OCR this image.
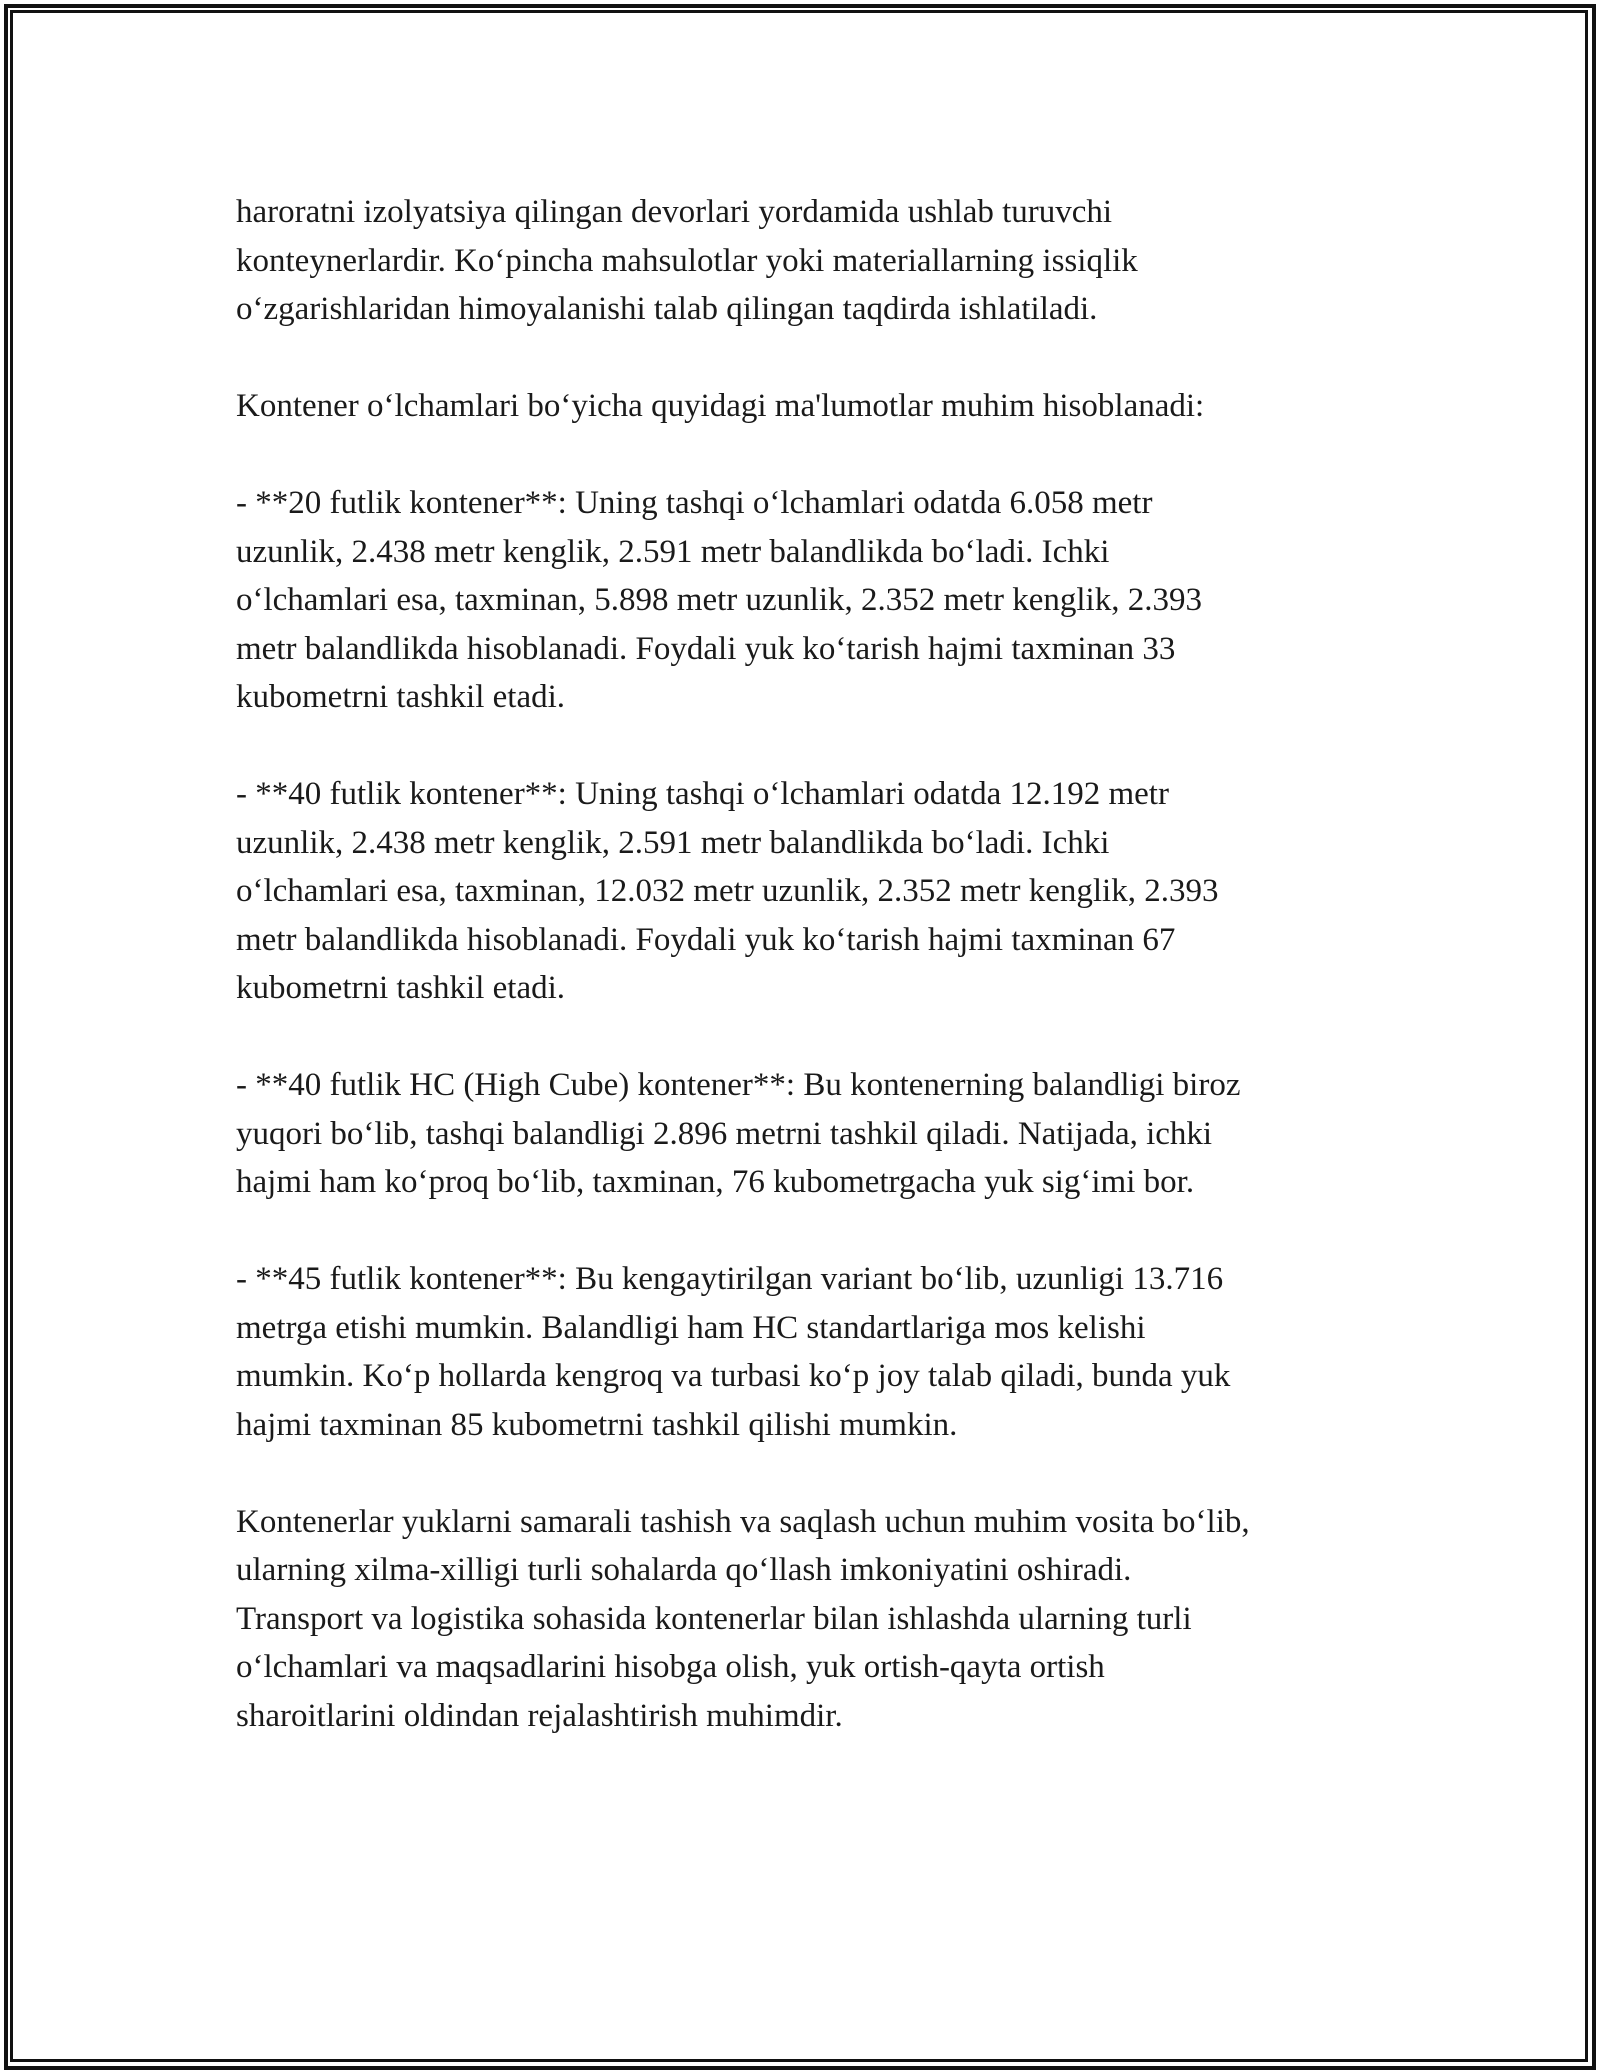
haroratni izolyatsiya qilingan devorlari yordamida ushlab turuvchi
konteynerlardir. Ko‘pincha mahsulotlar yoki materiallarning issiqlik
o‘zgarishlaridan himoyalanishi talab qilingan taqdirda ishlatiladi.

Kontener o‘lchamlari bo‘yicha quyidagi ma'lumotlar muhim hisoblanadi:

- **20 futlik kontener**: Uning tashqi o‘lchamlari odatda 6.058 metr
uzunlik, 2.438 metr kenglik, 2.591 metr balandlikda bo‘ladi. Ichki
o‘lchamlari esa, taxminan, 5.898 metr uzunlik, 2.352 metr kenglik, 2.393
metr balandlikda hisoblanadi. Foydali yuk ko‘tarish hajmi taxminan 33
kubometrni tashkil etadi.

- **40 futlik kontener**: Uning tashqi o‘lchamlari odatda 12.192 metr
uzunlik, 2.438 metr kenglik, 2.591 metr balandlikda bo‘ladi. Ichki
o‘lchamlari esa, taxminan, 12.032 metr uzunlik, 2.352 metr kenglik, 2.393
metr balandlikda hisoblanadi. Foydali yuk ko‘tarish hajmi taxminan 67
kubometrni tashkil etadi.

- **40 futlik HC (High Cube) kontener**: Bu kontenerning balandligi biroz
yuqori bo‘lib, tashqi balandligi 2.896 metrni tashkil qiladi. Natijada, ichki
hajmi ham ko‘proq bo‘lib, taxminan, 76 kubometrgacha yuk sig‘imi bor.

- **45 futlik kontener**: Bu kengaytirilgan variant bo‘lib, uzunligi 13.716
metrga etishi mumkin. Balandligi ham HC standartlariga mos kelishi
mumkin. Ko‘p hollarda kengroq va turbasi ko‘p joy talab qiladi, bunda yuk
hajmi taxminan 85 kubometrni tashkil qilishi mumkin.

Kontenerlar yuklarni samarali tashish va saqlash uchun muhim vosita bo‘lib,
ularning xilma-xilligi turli sohalarda qo‘llash imkoniyatini oshiradi.
Transport va logistika sohasida kontenerlar bilan ishlashda ularning turli
o‘lchamlari va maqsadlarini hisobga olish, yuk ortish-qayta ortish
sharoitlarini oldindan rejalashtirish muhimdir.
